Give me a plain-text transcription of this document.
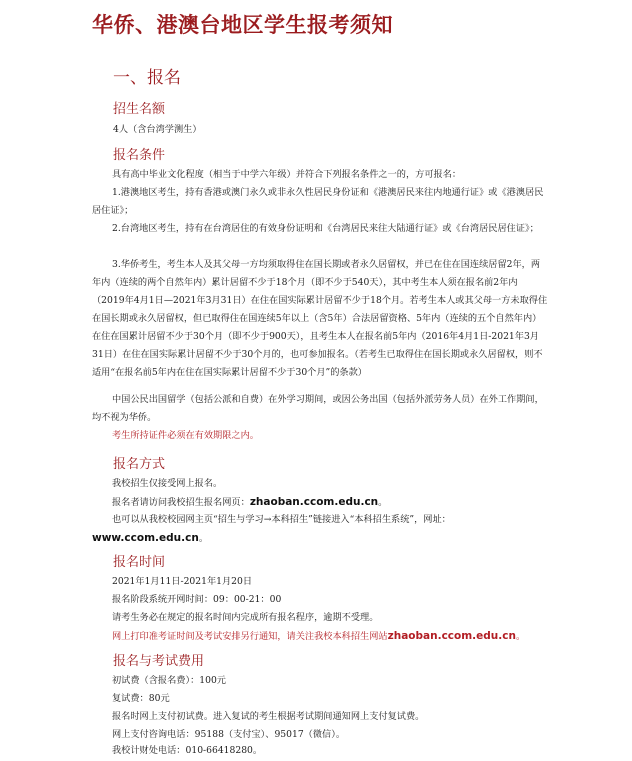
华侨、港澳台地区学生报考须知
一、报名
招生名额

4人（含台湾学测生）

报名条件

具有高中毕业文化程度（相当于中学六年级）并符合下列报名条件之一的，方可报名：

1.港澳地区考生，持有香港或澳门永久或非永久性居民身份证和《港澳居民来往内地通行证》或《港澳居民居住证》；

2.台湾地区考生，持有在台湾居住的有效身份证明和《台湾居民来往大陆通行证》或《台湾居民居住证》；

3.华侨考生，考生本人及其父母一方均须取得住在国长期或者永久居留权，并已在住在国连续居留2年，两年内（连续的两个自然年内）累计居留不少于18个月（即不少于540天），其中考生本人须在报名前2年内（2019年4月1日—2021年3月31日）在住在国实际累计居留不少于18个月。若考生本人或其父母一方未取得住在国长期或永久居留权，但已取得住在国连续5年以上（含5年）合法居留资格、5年内（连续的五个自然年内）在住在国累计居留不少于30个月（即不少于900天），且考生本人在报名前5年内（2016年4月1日-2021年3月31日）在住在国实际累计居留不少于30个月的，也可参加报名。（若考生已取得住在国长期或永久居留权，则不适用“在报名前5年内在住在国实际累计居留不少于30个月”的条款）

中国公民出国留学（包括公派和自费）在外学习期间，或因公务出国（包括外派劳务人员）在外工作期间，均不视为华侨。

考生所持证件必须在有效期限之内。

报名方式

我校招生仅接受网上报名。

报名者请访问我校招生报名网页：zhaoban.ccom.edu.cn。

也可以从我校校园网主页“招生与学习→本科招生”链接进入“本科招生系统”，网址：

www.ccom.edu.cn。

报名时间

2021年1月11日-2021年1月20日

报名阶段系统开网时间：09：00-21：00

请考生务必在规定的报名时间内完成所有报名程序，逾期不受理。

网上打印准考证时间及考试安排另行通知，请关注我校本科招生网站zhaoban.ccom.edu.cn。

报名与考试费用

初试费（含报名费）：100元

复试费：80元

报名时网上支付初试费。进入复试的考生根据考试期间通知网上支付复试费。

网上支付咨询电话：95188（支付宝）、95017（微信）。

我校计财处电话：010-66418280。
